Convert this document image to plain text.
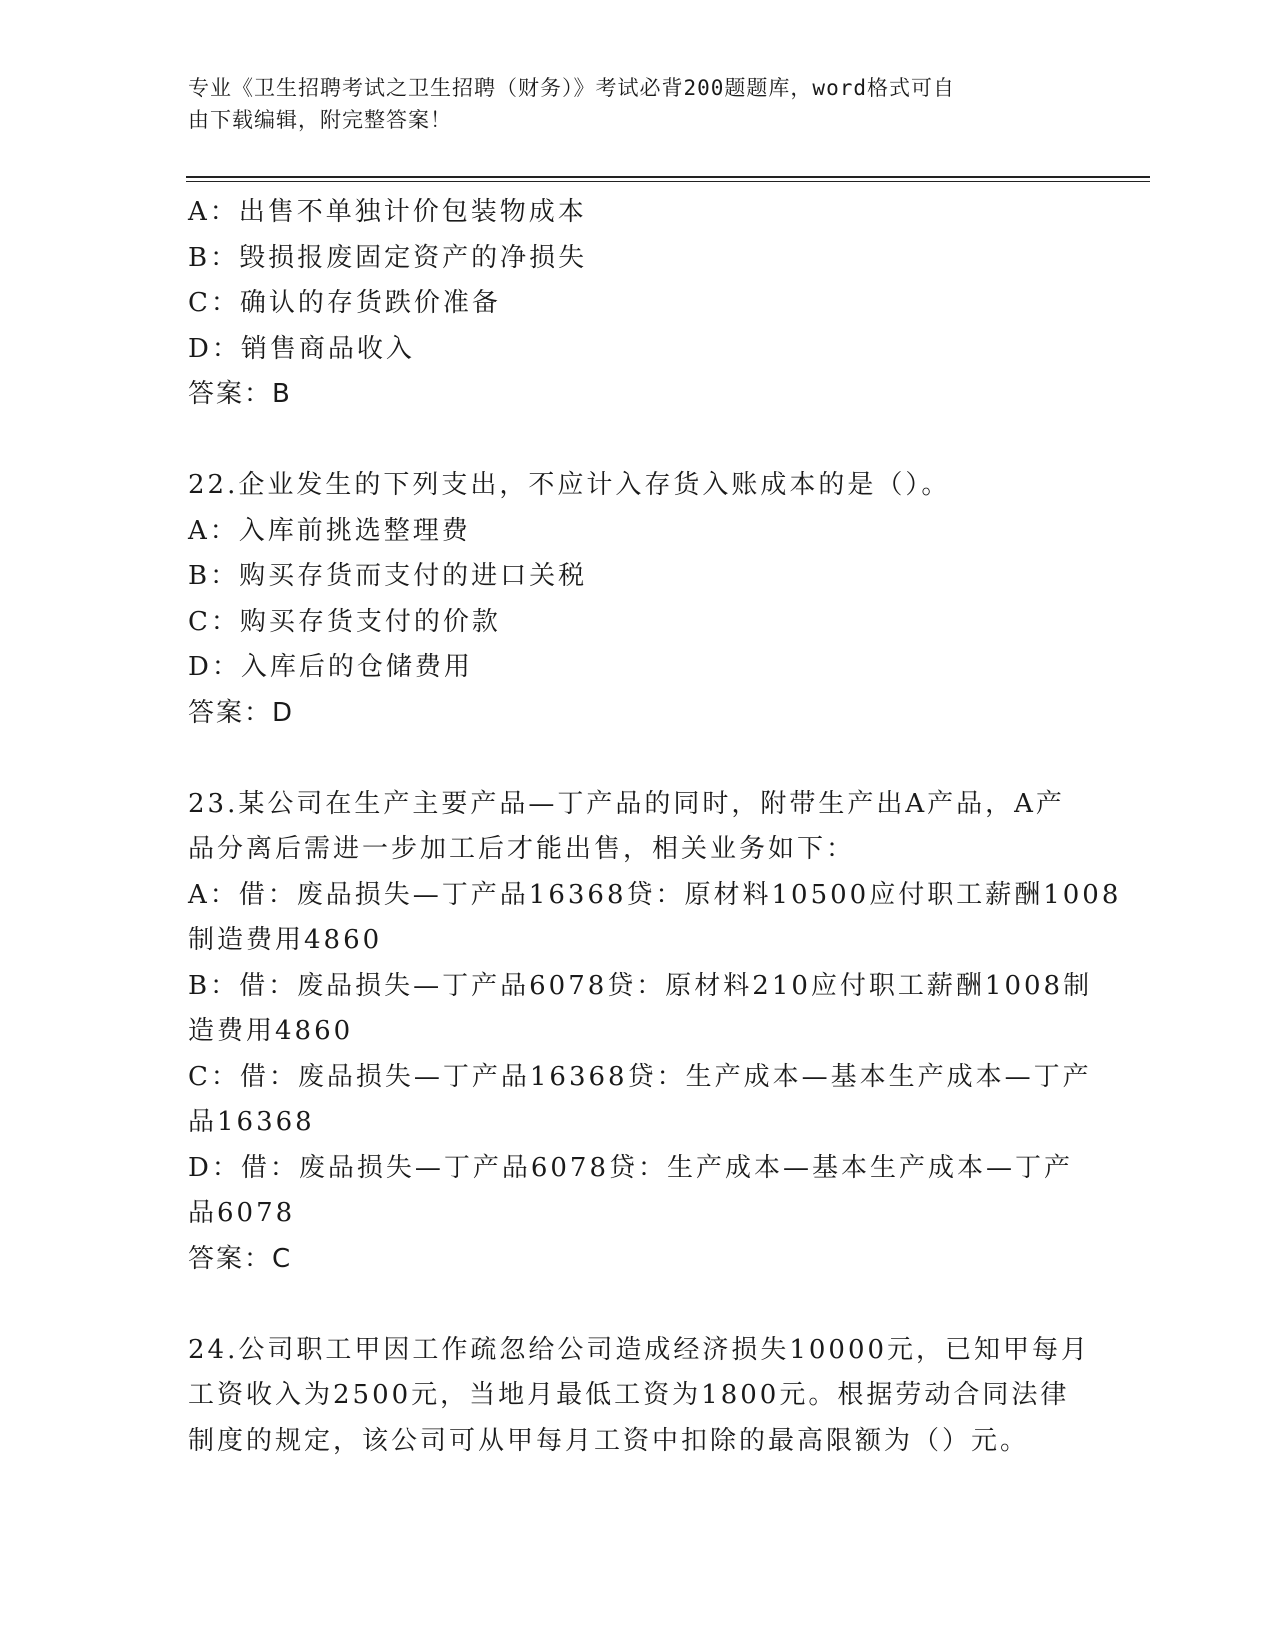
专业《卫生招聘考试之卫生招聘（财务）》考试必背200题题库，word格式可自
由下载编辑，附完整答案！
A：出售不单独计价包装物成本
B：毁损报废固定资产的净损失
C：确认的存货跌价准备
D：销售商品收入
答案：B
22.企业发生的下列支出，不应计入存货入账成本的是（）。
A：入库前挑选整理费
B：购买存货而支付的进口关税
C：购买存货支付的价款
D：入库后的仓储费用
答案：D
23.某公司在生产主要产品—丁产品的同时，附带生产出A产品，A产
品分离后需进一步加工后才能出售，相关业务如下：
A：借：废品损失—丁产品16368贷：原材料10500应付职工薪酬1008
制造费用4860
B：借：废品损失—丁产品6078贷：原材料210应付职工薪酬1008制
造费用4860
C：借：废品损失—丁产品16368贷：生产成本—基本生产成本—丁产
品16368
D：借：废品损失—丁产品6078贷：生产成本—基本生产成本—丁产
品6078
答案：C
24.公司职工甲因工作疏忽给公司造成经济损失10000元，已知甲每月
工资收入为2500元，当地月最低工资为1800元。根据劳动合同法律
制度的规定，该公司可从甲每月工资中扣除的最高限额为（）元。
